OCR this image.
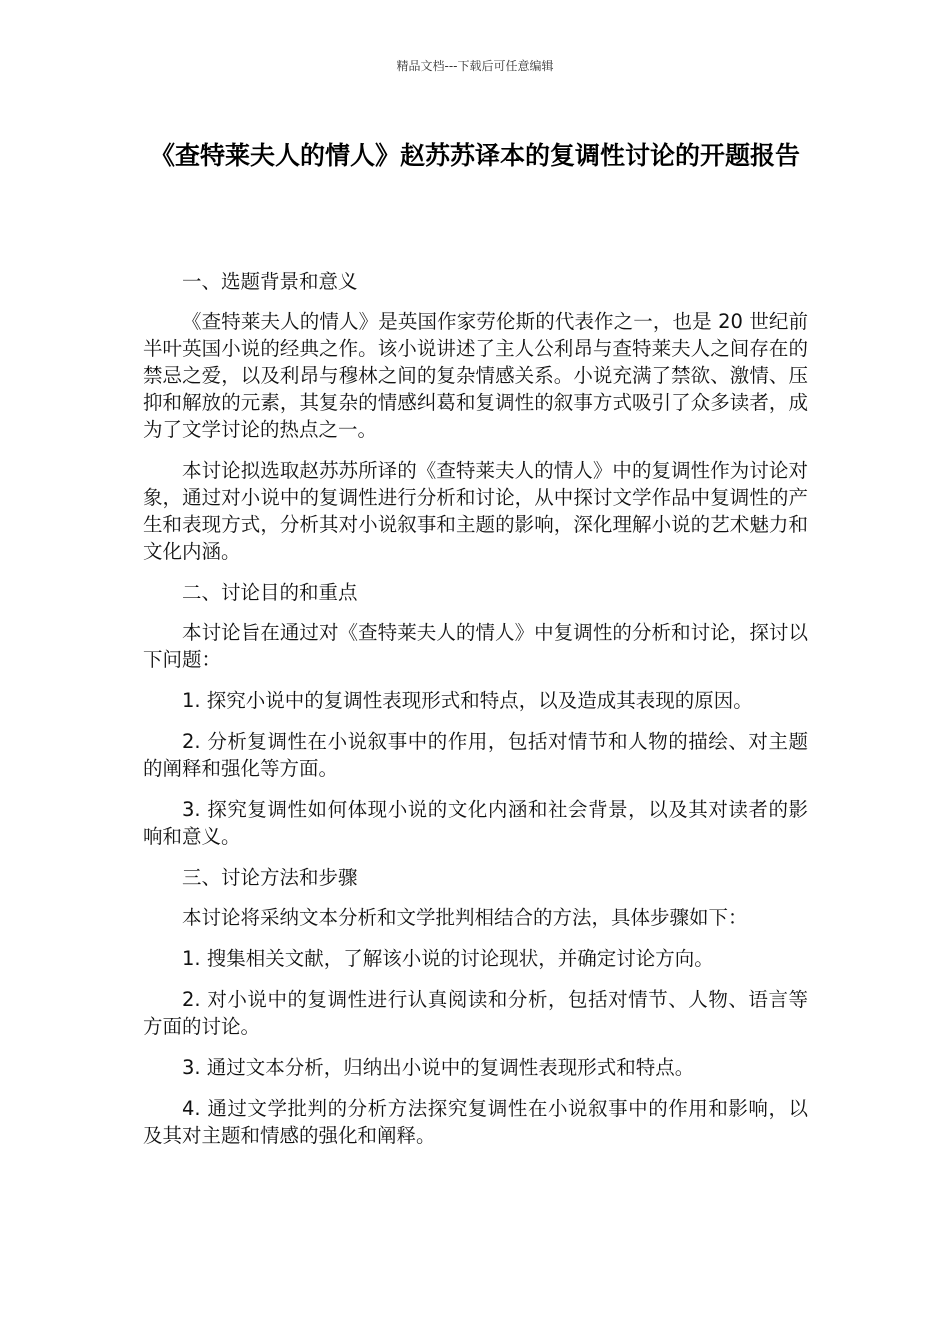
精品文档---下载后可任意编辑
《查特莱夫人的情人》赵苏苏译本的复调性讨论的开题报告

一、选题背景和意义

《查特莱夫人的情人》是英国作家劳伦斯的代表作之一，也是 20 世纪前半叶英国小说的经典之作。该小说讲述了主人公利昂与查特莱夫人之间存在的禁忌之爱，以及利昂与穆林之间的复杂情感关系。小说充满了禁欲、激情、压抑和解放的元素，其复杂的情感纠葛和复调性的叙事方式吸引了众多读者，成为了文学讨论的热点之一。

本讨论拟选取赵苏苏所译的《查特莱夫人的情人》中的复调性作为讨论对象，通过对小说中的复调性进行分析和讨论，从中探讨文学作品中复调性的产生和表现方式，分析其对小说叙事和主题的影响，深化理解小说的艺术魅力和文化内涵。

二、讨论目的和重点

本讨论旨在通过对《查特莱夫人的情人》中复调性的分析和讨论，探讨以下问题：

1. 探究小说中的复调性表现形式和特点，以及造成其表现的原因。

2. 分析复调性在小说叙事中的作用，包括对情节和人物的描绘、对主题的阐释和强化等方面。

3. 探究复调性如何体现小说的文化内涵和社会背景，以及其对读者的影响和意义。

三、讨论方法和步骤

本讨论将采纳文本分析和文学批判相结合的方法，具体步骤如下：

1. 搜集相关文献，了解该小说的讨论现状，并确定讨论方向。

2. 对小说中的复调性进行认真阅读和分析，包括对情节、人物、语言等方面的讨论。

3. 通过文本分析，归纳出小说中的复调性表现形式和特点。

4. 通过文学批判的分析方法探究复调性在小说叙事中的作用和影响，以及其对主题和情感的强化和阐释。
